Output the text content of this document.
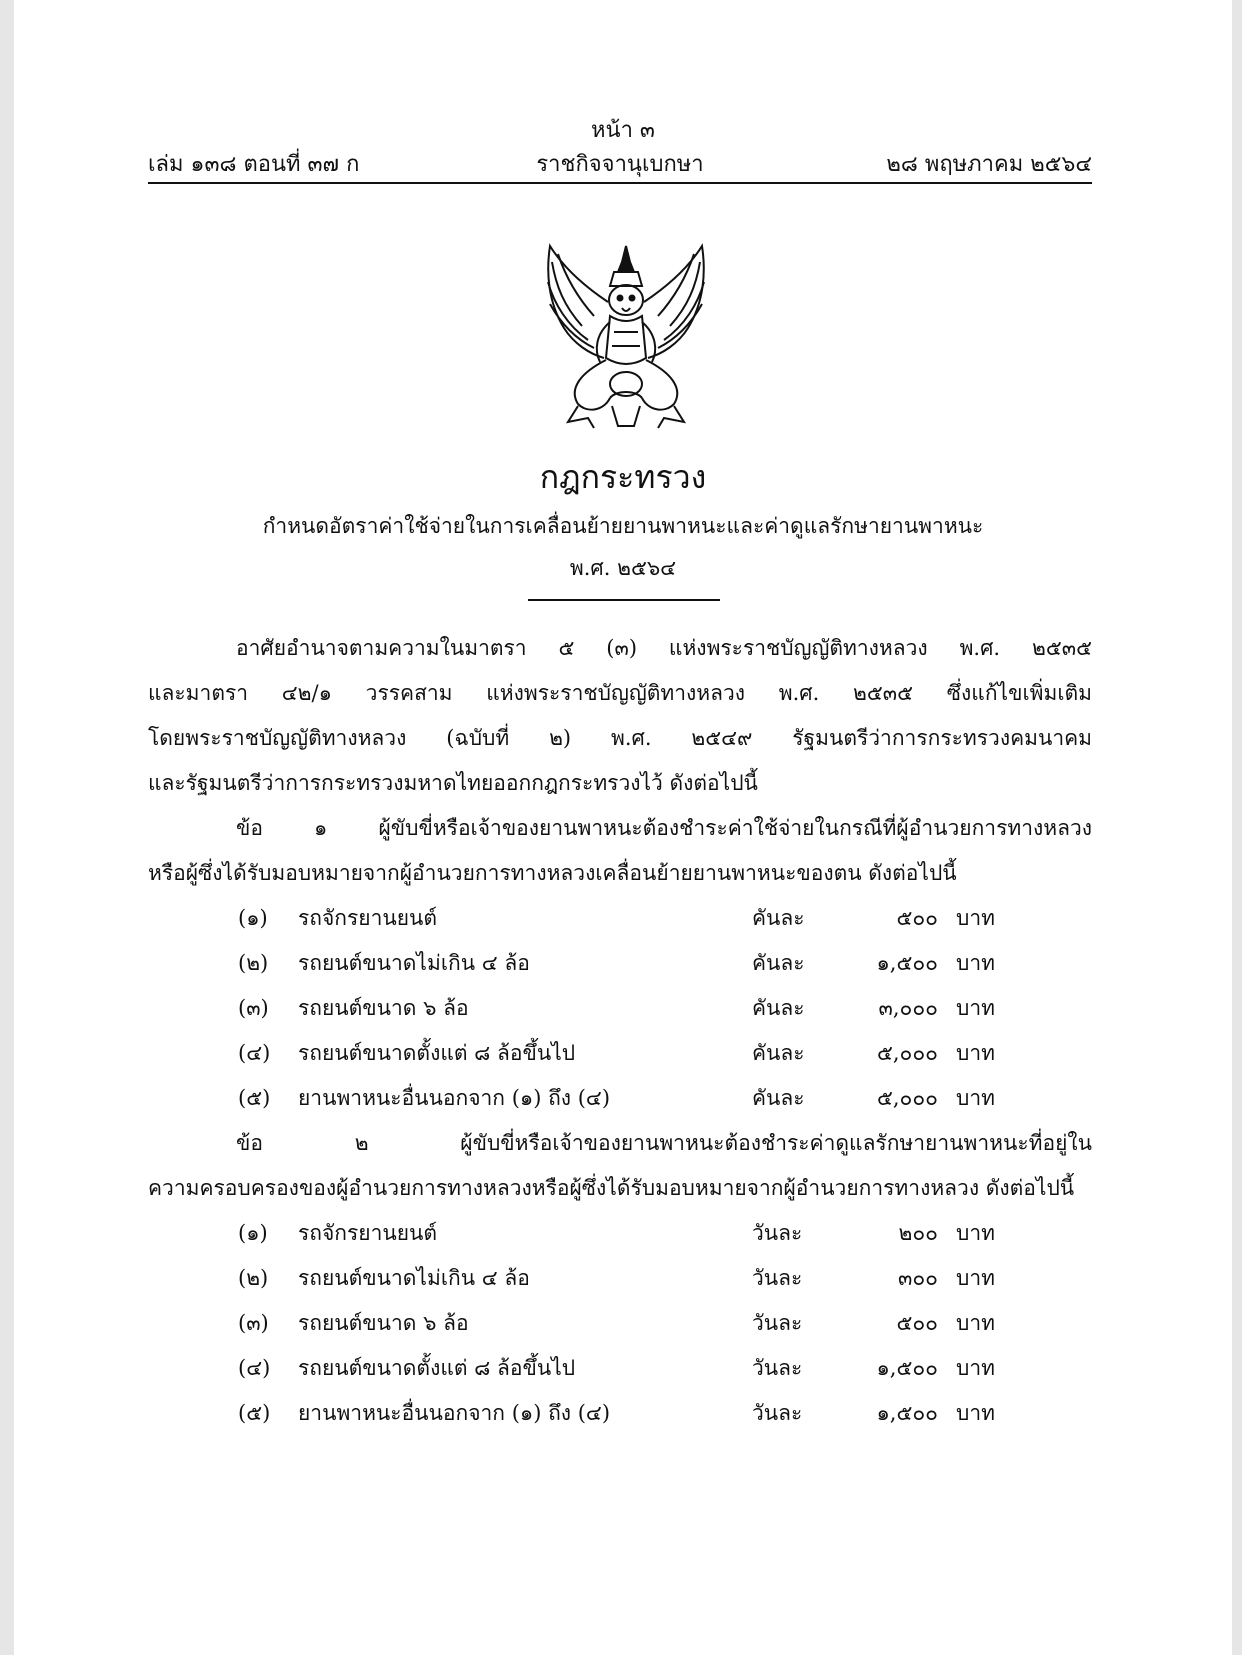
หน้า ๓
เล่ม ๑๓๘ ตอนที่ ๓๗ ก	ราชกิจจานุเบกษา	๒๘ พฤษภาคม ๒๕๖๔
กฎกระทรวง
กำหนดอัตราค่าใช้จ่ายในการเคลื่อนย้ายยานพาหนะและค่าดูแลรักษายานพาหนะ
พ.ศ. ๒๕๖๔
อาศัยอำนาจตามความในมาตรา ๕ (๓) แห่งพระราชบัญญัติทางหลวง พ.ศ. ๒๕๓๕
และมาตรา ๔๒/๑ วรรคสาม แห่งพระราชบัญญัติทางหลวง พ.ศ. ๒๕๓๕ ซึ่งแก้ไขเพิ่มเติม
โดยพระราชบัญญัติทางหลวง (ฉบับที่ ๒) พ.ศ. ๒๕๔๙ รัฐมนตรีว่าการกระทรวงคมนาคม
และรัฐมนตรีว่าการกระทรวงมหาดไทยออกกฎกระทรวงไว้ ดังต่อไปนี้
ข้อ ๑ ผู้ขับขี่หรือเจ้าของยานพาหนะต้องชำระค่าใช้จ่ายในกรณีที่ผู้อำนวยการทางหลวง
หรือผู้ซึ่งได้รับมอบหมายจากผู้อำนวยการทางหลวงเคลื่อนย้ายยานพาหนะของตน ดังต่อไปนี้
(๑) รถจักรยานยนต์	คันละ	๕๐๐ บาท
(๒) รถยนต์ขนาดไม่เกิน ๔ ล้อ	คันละ	๑,๕๐๐ บาท
(๓) รถยนต์ขนาด ๖ ล้อ	คันละ	๓,๐๐๐ บาท
(๔) รถยนต์ขนาดตั้งแต่ ๘ ล้อขึ้นไป	คันละ	๕,๐๐๐ บาท
(๕) ยานพาหนะอื่นนอกจาก (๑) ถึง (๔)	คันละ	๕,๐๐๐ บาท
ข้อ ๒ ผู้ขับขี่หรือเจ้าของยานพาหนะต้องชำระค่าดูแลรักษายานพาหนะที่อยู่ใน
ความครอบครองของผู้อำนวยการทางหลวงหรือผู้ซึ่งได้รับมอบหมายจากผู้อำนวยการทางหลวง ดังต่อไปนี้
(๑) รถจักรยานยนต์	วันละ	๒๐๐ บาท
(๒) รถยนต์ขนาดไม่เกิน ๔ ล้อ	วันละ	๓๐๐ บาท
(๓) รถยนต์ขนาด ๖ ล้อ	วันละ	๕๐๐ บาท
(๔) รถยนต์ขนาดตั้งแต่ ๘ ล้อขึ้นไป	วันละ	๑,๕๐๐ บาท
(๕) ยานพาหนะอื่นนอกจาก (๑) ถึง (๔)	วันละ	๑,๕๐๐ บาท
